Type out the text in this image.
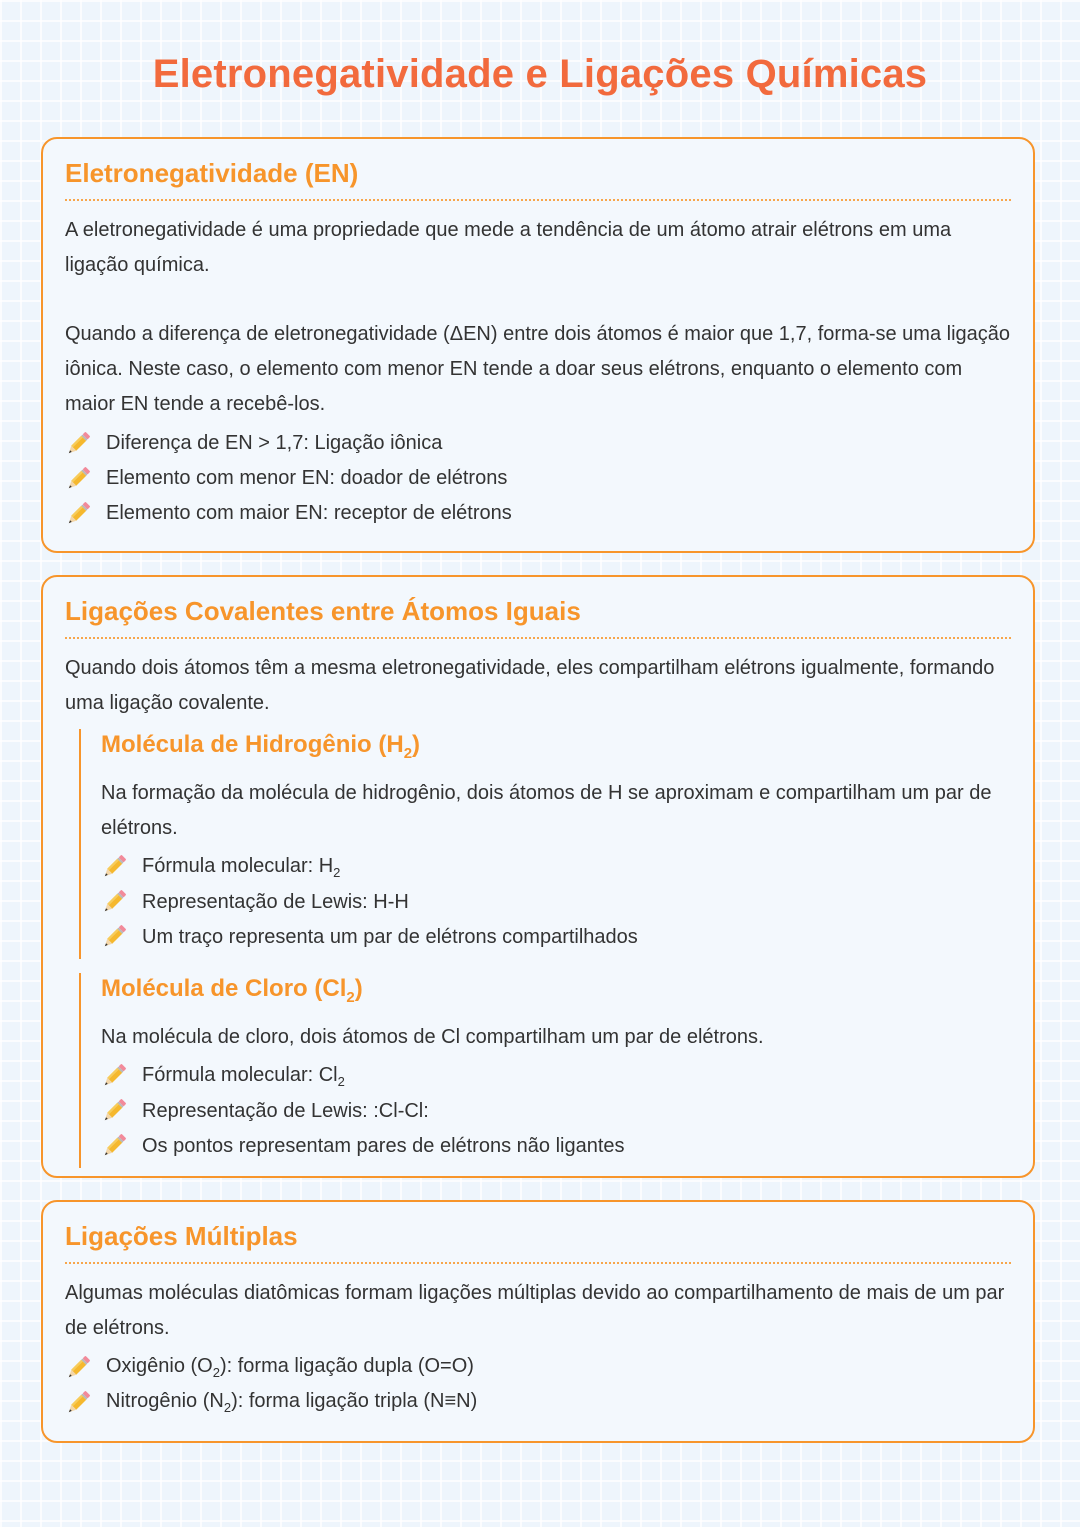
Eletronegatividade e Ligações Químicas
Eletronegatividade (EN)

A eletronegatividade é uma propriedade que mede a tendência de um átomo atrair elétrons em uma ligação química.

Quando a diferença de eletronegatividade (ΔEN) entre dois átomos é maior que 1,7, forma-se uma ligação iônica. Neste caso, o elemento com menor EN tende a doar seus elétrons, enquanto o elemento com maior EN tende a recebê-los.

Diferença de EN > 1,7: Ligação iônica
Elemento com menor EN: doador de elétrons
Elemento com maior EN: receptor de elétrons
Ligações Covalentes entre Átomos Iguais

Quando dois átomos têm a mesma eletronegatividade, eles compartilham elétrons igualmente, formando uma ligação covalente.

Molécula de Hidrogênio $(H_2)$

Na formação da molécula de hidrogênio, dois átomos de H se aproximam e compartilham um par de elétrons.

Fórmula molecular: $H_2$
Representação de Lewis: H-H
Um traço representa um par de elétrons compartilhados
Molécula de Cloro $(Cl_2)$

Na molécula de cloro, dois átomos de Cl compartilham um par de elétrons.

Fórmula molecular: $Cl_2$
Representação de Lewis: :Cl-Cl:
Os pontos representam pares de elétrons não ligantes
Ligações Múltiplas

Algumas moléculas diatômicas formam ligações múltiplas devido ao compartilhamento de mais de um par de elétrons.

Oxigênio $(O_2)$: forma ligação dupla (O=O)
Nitrogênio $(N_2)$: forma ligação tripla (N≡N)
